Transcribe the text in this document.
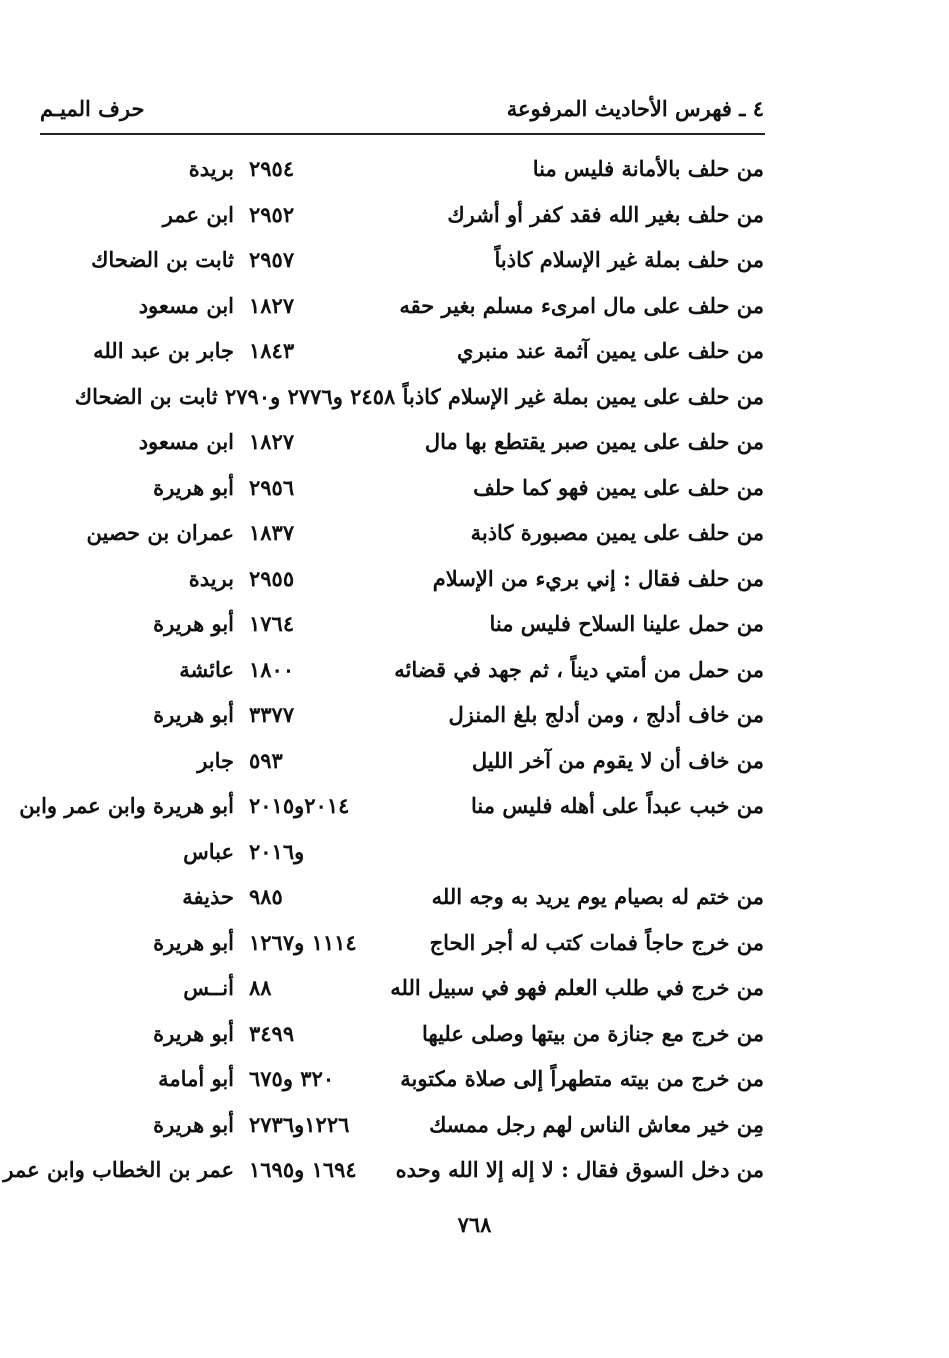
٤ ـ فهرس الأحاديث المرفوعة
حرف الميـم
من حلف بالأمانة فليس منا
٢٩٥٤
بريدة
من حلف بغير الله فقد كفر أو أشرك
٢٩٥٢
ابن عمر
من حلف بملة غير الإسلام كاذباً
٢٩٥٧
ثابت بن الضحاك
من حلف على مال امرىء مسلم بغير حقه
١٨٢٧
ابن مسعود
من حلف على يمين آثمة عند منبري
١٨٤٣
جابر بن عبد الله
من حلف على يمين بملة غير الإسلام كاذباً ٢٤٥٨ و٢٧٧٦ و٢٧٩٠ ثابت بن الضحاك
من حلف على يمين صبر يقتطع بها مال
١٨٢٧
ابن مسعود
من حلف على يمين فهو كما حلف
٢٩٥٦
أبو هريرة
من حلف على يمين مصبورة كاذبة
١٨٣٧
عمران بن حصين
من حلف فقال : إني بريء من الإسلام
٢٩٥٥
بريدة
من حمل علينا السلاح فليس منا
١٧٦٤
أبو هريرة
من حمل من أمتي ديناً ، ثم جهد في قضائه
١٨٠٠
عائشة
من خاف أدلج ، ومن أدلج بلغ المنزل
٣٣٧٧
أبو هريرة
من خاف أن لا يقوم من آخر الليل
٥٩٣
جابر
من خبب عبداً على أهله فليس منا
٢٠١٤و٢٠١٥
أبو هريرة وابن عمر وابن
و٢٠١٦
عباس
من ختم له بصيام يوم يريد به وجه الله
٩٨٥
حذيفة
من خرج حاجاً فمات كتب له أجر الحاج
١١١٤ و١٢٦٧
أبو هريرة
من خرج في طلب العلم فهو في سبيل الله
٨٨
أنــس
من خرج مع جنازة من بيتها وصلى عليها
٣٤٩٩
أبو هريرة
من خرج من بيته متطهراً إلى صلاة مكتوبة
٣٢٠ و٦٧٥
أبو أمامة
مِن خير معاش الناس لهم رجل ممسك
١٢٢٦و٢٧٣٦
أبو هريرة
من دخل السوق فقال : لا إله إلا الله وحده
١٦٩٤ و١٦٩٥
عمر بن الخطاب وابن عمر
٧٦٨
